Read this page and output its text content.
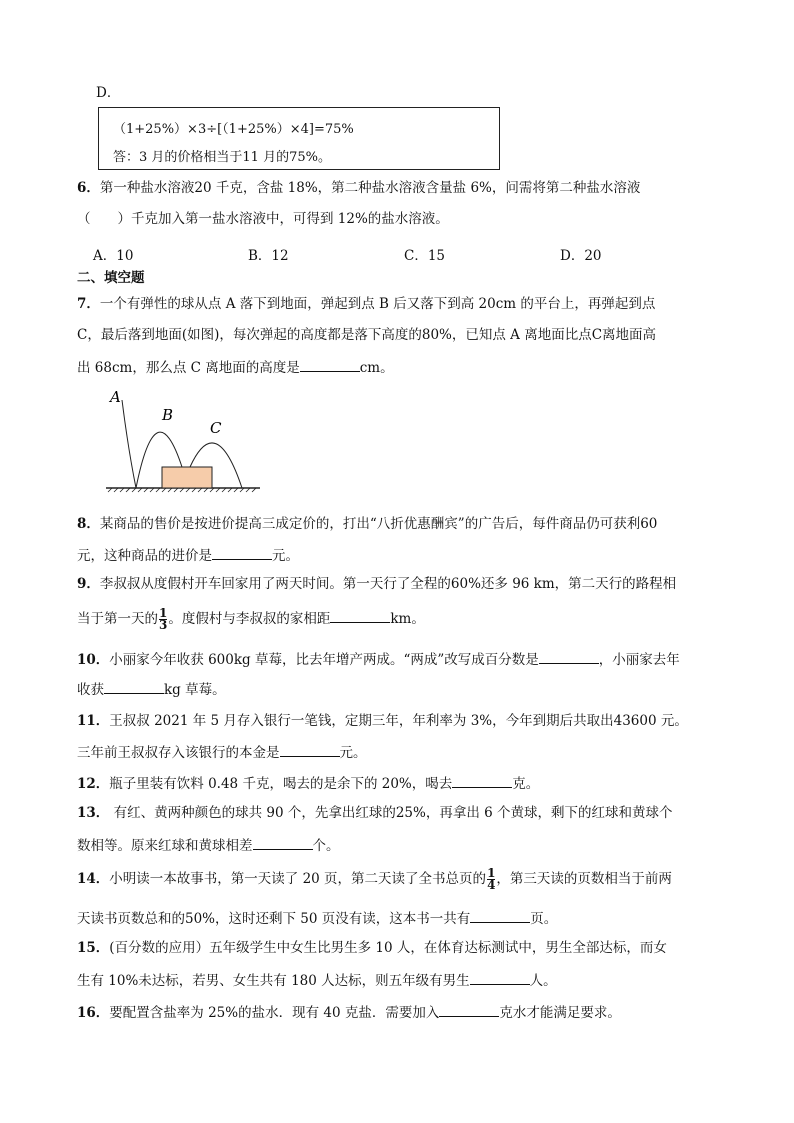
D．
（1+25%）×3÷[（1+25%）×4]=75%
答：3 月的价格相当于11 月的75%。
6．第一种盐水溶液20 千克，含盐 18%，第二种盐水溶液含量盐 6%，问需将第二种盐水溶液
（　　）千克加入第一盐水溶液中，可得到 12%的盐水溶液。
A．10	B．12	C．15	D．20
二、填空题
7．一个有弹性的球从点 A 落下到地面，弹起到点 B 后又落下到高 20cm 的平台上，再弹起到点
C，最后落到地面(如图)，每次弹起的高度都是落下高度的80%，已知点 A 离地面比点C离地面高
出 68cm，那么点 C 离地面的高度是	cm。
A
B
C
8．某商品的售价是按进价提高三成定价的，打出“八折优惠酬宾”的广告后，每件商品仍可获利60
元，这种商品的进价是	元。
9．李叔叔从度假村开车回家用了两天时间。第一天行了全程的60%还多 96 km，第二天行的路程相
当于第一天的 $\frac{1}{3}$ 。度假村与李叔叔的家相距	km。
10．小丽家今年收获 600kg 草莓，比去年增产两成。“两成”改写成百分数是	，小丽家去年
收获	kg 草莓。
11．王叔叔 2021 年 5 月存入银行一笔钱，定期三年，年利率为 3%，今年到期后共取出43600 元。
三年前王叔叔存入该银行的本金是	元。
12．瓶子里装有饮料 0.48 千克，喝去的是余下的 20%，喝去	克。
13． 有红、黄两种颜色的球共 90 个，先拿出红球的25%，再拿出 6 个黄球，剩下的红球和黄球个
数相等。原来红球和黄球相差	个。
14．小明读一本故事书，第一天读了 20 页，第二天读了全书总页的 $\frac{1}{4}$ ，第三天读的页数相当于前两
天读书页数总和的50%，这时还剩下 50 页没有读，这本书一共有	页。
15．(百分数的应用）五年级学生中女生比男生多 10 人，在体育达标测试中，男生全部达标，而女
生有 10%未达标，若男、女生共有 180 人达标，则五年级有男生	人。
16．要配置含盐率为 25%的盐水．现有 40 克盐．需要加入	克水才能满足要求。
